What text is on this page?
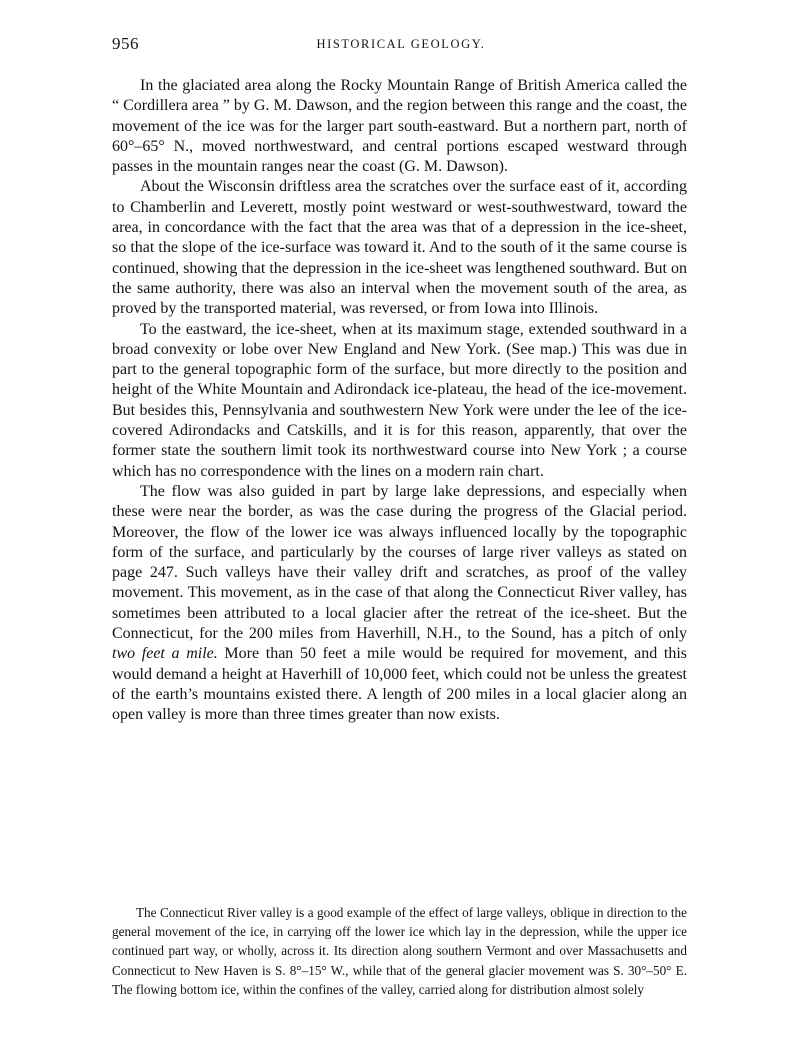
956	HISTORICAL GEOLOGY.

In the glaciated area along the Rocky Mountain Range of British America called the “ Cordillera area ” by G. M. Dawson, and the region between this range and the coast, the movement of the ice was for the larger part south-eastward. But a northern part, north of 60°–65° N., moved northwestward, and central portions escaped westward through passes in the mountain ranges near the coast (G. M. Dawson).

About the Wisconsin driftless area the scratches over the surface east of it, according to Chamberlin and Leverett, mostly point westward or west-southwestward, toward the area, in concordance with the fact that the area was that of a depression in the ice-sheet, so that the slope of the ice-surface was toward it. And to the south of it the same course is continued, showing that the depression in the ice-sheet was lengthened southward. But on the same authority, there was also an interval when the movement south of the area, as proved by the transported material, was reversed, or from Iowa into Illinois.

To the eastward, the ice-sheet, when at its maximum stage, extended southward in a broad convexity or lobe over New England and New York. (See map.) This was due in part to the general topographic form of the surface, but more directly to the position and height of the White Mountain and Adirondack ice-plateau, the head of the ice-movement. But besides this, Pennsylvania and southwestern New York were under the lee of the ice-covered Adirondacks and Catskills, and it is for this reason, apparently, that over the former state the southern limit took its northwestward course into New York ; a course which has no correspondence with the lines on a modern rain chart.

The flow was also guided in part by large lake depressions, and especially when these were near the border, as was the case during the progress of the Glacial period. Moreover, the flow of the lower ice was always influenced locally by the topographic form of the surface, and particularly by the courses of large river valleys as stated on page 247. Such valleys have their valley drift and scratches, as proof of the valley movement. This movement, as in the case of that along the Connecticut River valley, has sometimes been attributed to a local glacier after the retreat of the ice-sheet. But the Connecticut, for the 200 miles from Haverhill, N.H., to the Sound, has a pitch of only two feet a mile. More than 50 feet a mile would be required for movement, and this would demand a height at Haverhill of 10,000 feet, which could not be unless the greatest of the earth’s mountains existed there. A length of 200 miles in a local glacier along an open valley is more than three times greater than now exists.

The Connecticut River valley is a good example of the effect of large valleys, oblique in direction to the general movement of the ice, in carrying off the lower ice which lay in the depression, while the upper ice continued part way, or wholly, across it. Its direction along southern Vermont and over Massachusetts and Connecticut to New Haven is S. 8°–15° W., while that of the general glacier movement was S. 30°–50° E. The flowing bottom ice, within the confines of the valley, carried along for distribution almost solely
